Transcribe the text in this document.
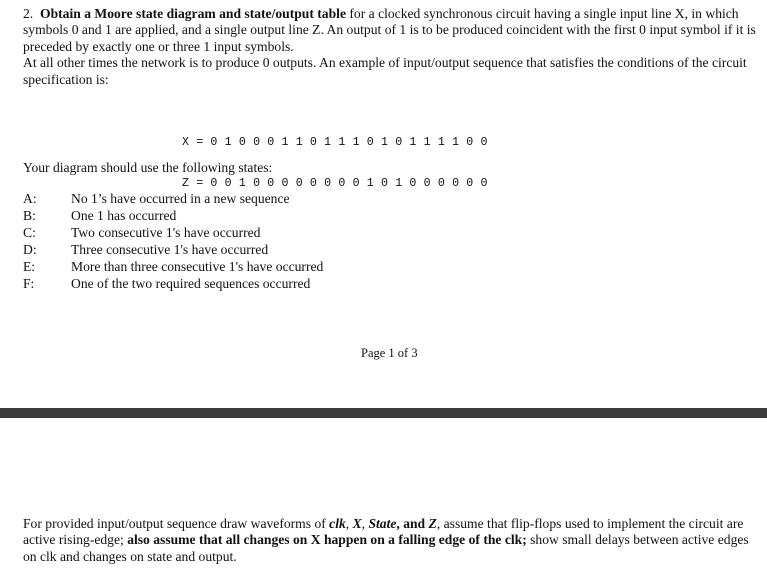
2. Obtain a Moore state diagram and state/output table for a clocked synchronous circuit having a single input line X, in which symbols 0 and 1 are applied, and a single output line Z. An output of 1 is to be produced coincident with the first 0 input symbol if it is preceded by exactly one or three 1 input symbols.

At all other times the network is to produce 0 outputs. An example of input/output sequence that satisfies the conditions of the circuit specification is:

X = 0 1 0 0 0 1 1 0 1 1 1 0 1 0 1 1 1 1 0 0

Z = 0 0 1 0 0 0 0 0 0 0 0 1 0 1 0 0 0 0 0 0

Your diagram should use the following states:
A:	No 1’s have occurred in a new sequence
B:	One 1 has occurred
C:	Two consecutive 1's have occurred
D:	Three consecutive 1's have occurred
E:	More than three consecutive 1's have occurred
F:	One of the two required sequences occurred
Page 1 of 3

For provided input/output sequence draw waveforms of clk, X, State, and Z, assume that flip-flops used to implement the circuit are active rising-edge; also assume that all changes on X happen on a falling edge of the clk; show small delays between active edges on clk and changes on state and output.
